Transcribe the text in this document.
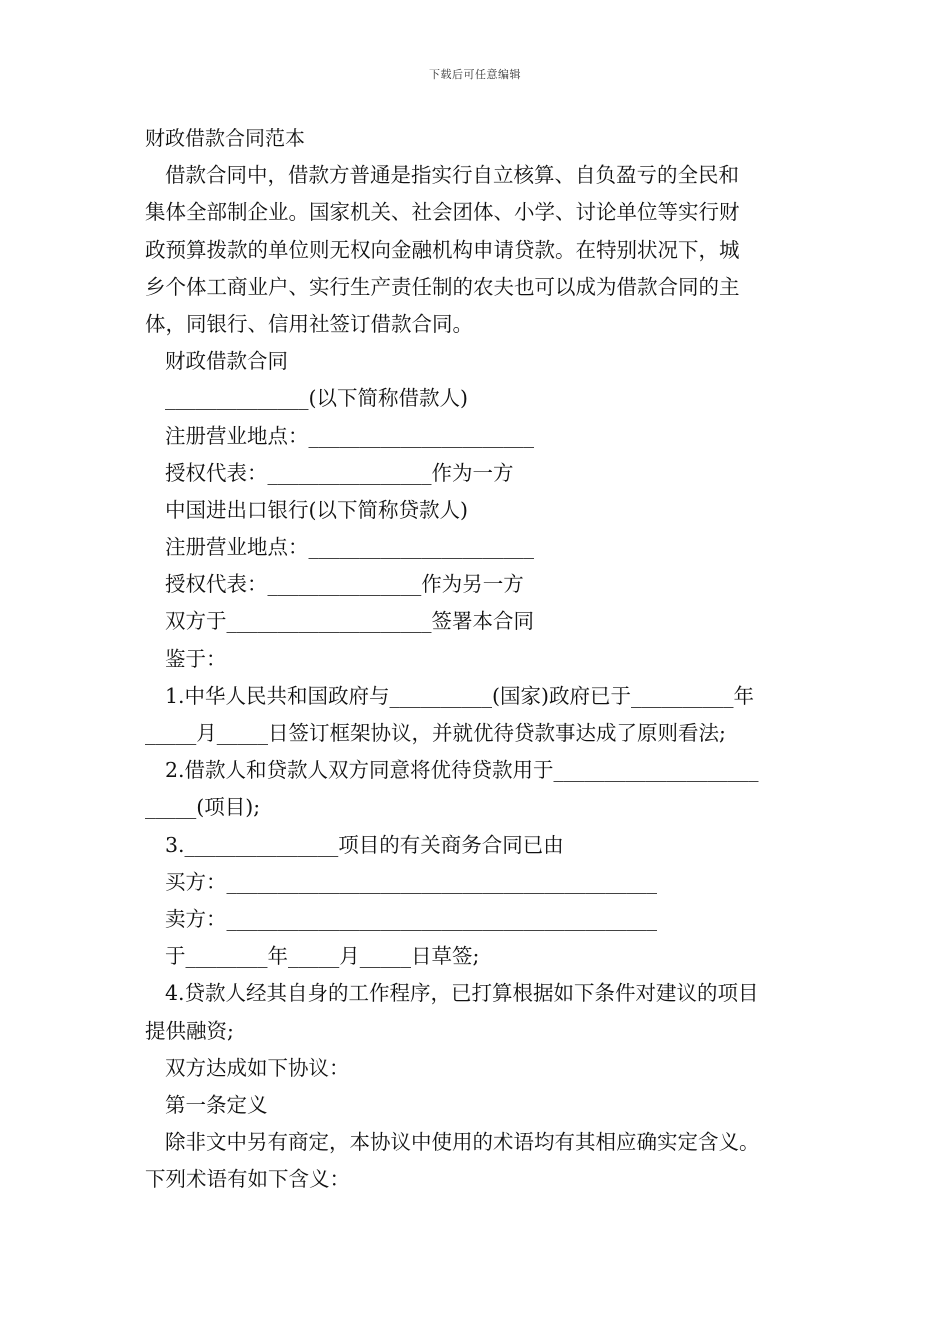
下载后可任意编辑
财政借款合同范本
借款合同中，借款方普通是指实行自立核算、自负盈亏的全民和
集体全部制企业。国家机关、社会团体、小学、讨论单位等实行财
政预算拨款的单位则无权向金融机构申请贷款。在特别状况下，城
乡个体工商业户、实行生产责任制的农夫也可以成为借款合同的主
体，同银行、信用社签订借款合同。
财政借款合同
______________(以下简称借款人)
注册营业地点：______________________
授权代表：________________作为一方
中国进出口银行(以下简称贷款人)
注册营业地点：______________________
授权代表：_______________作为另一方
双方于____________________签署本合同
鉴于：
1.中华人民共和国政府与__________(国家)政府已于__________年
_____月_____日签订框架协议，并就优待贷款事达成了原则看法;
2.借款人和贷款人双方同意将优待贷款用于____________________
_____(项目);
3._______________项目的有关商务合同已由
买方：__________________________________________
卖方：__________________________________________
于________年_____月_____日草签;
4.贷款人经其自身的工作程序，已打算根据如下条件对建议的项目
提供融资;
双方达成如下协议：
第一条定义
除非文中另有商定，本协议中使用的术语均有其相应确实定含义。
下列术语有如下含义：
